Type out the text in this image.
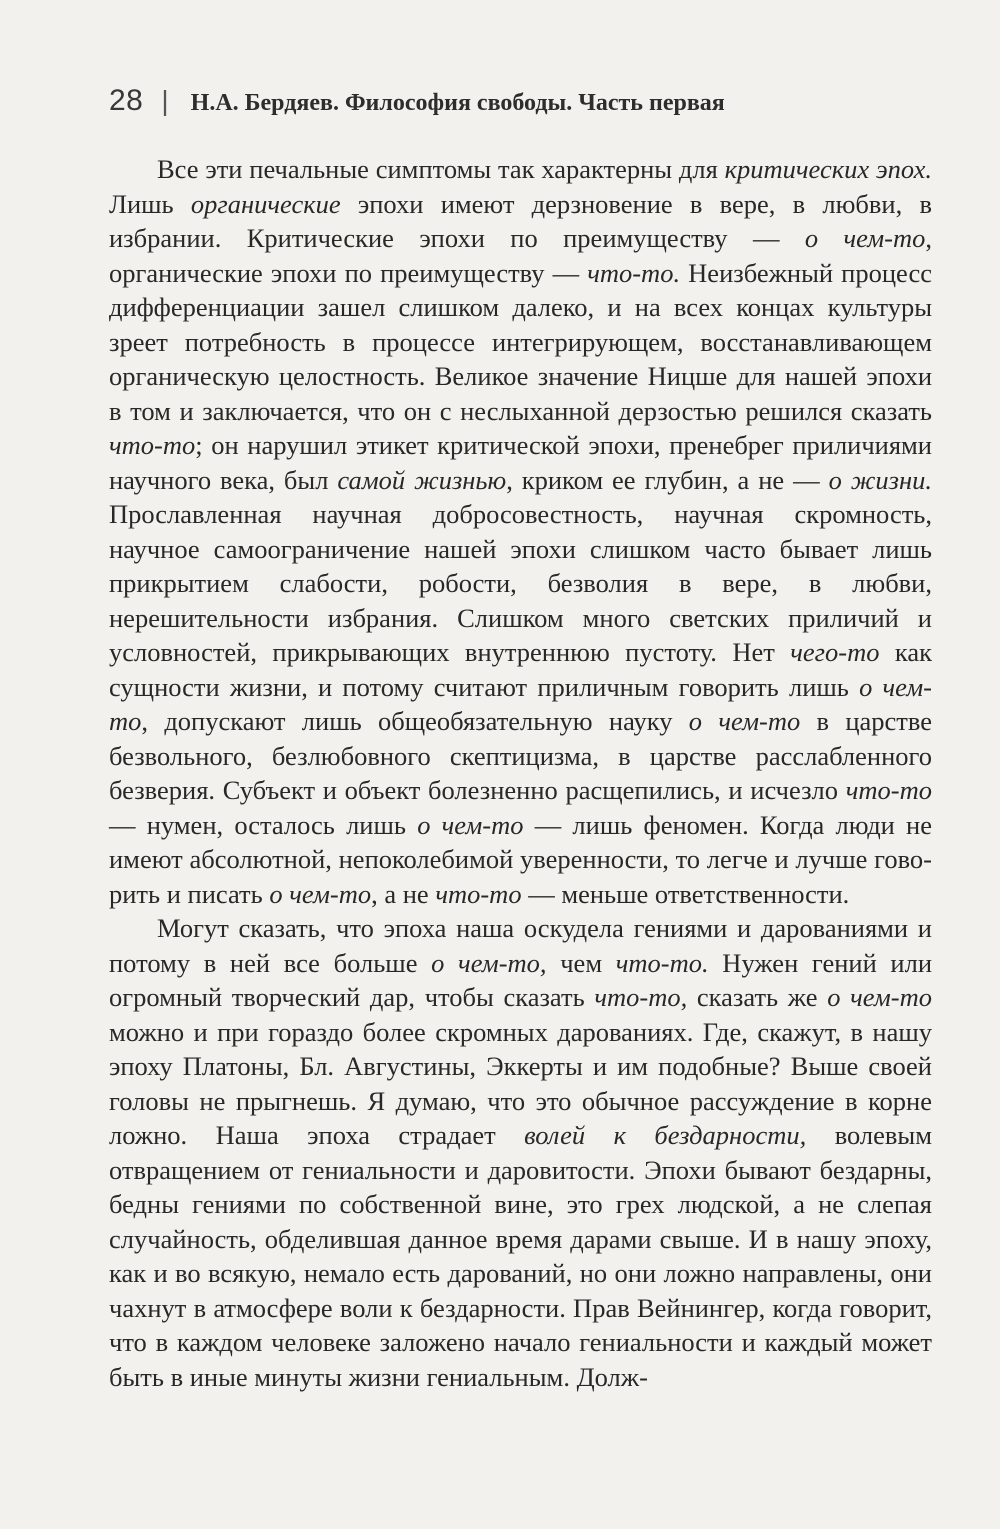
28 | Н.А. Бердяев. Философия свободы. Часть первая

Все эти печальные симптомы так характерны для критических эпох. Лишь органические эпохи имеют дерзновение в вере, в любви, в избрании. Критические эпохи по преимуществу — о чем-то, органические эпохи по преимуществу — что-то. Неизбежный процесс дифференциации зашел слишком далеко, и на всех концах культуры зреет потребность в процессе интегрирующем, восстанавливающем органическую целостность. Великое значение Ницше для нашей эпохи в том и заключается, что он с неслыханной дерзостью решился сказать что-то; он нарушил этикет критической эпохи, пренебрег приличиями научного века, был самой жизнью, криком ее глубин, а не — о жизни. Прославленная научная добросовестность, научная скромность, научное самоограничение нашей эпохи слишком часто бывает лишь прикрытием слабости, робости, безволия в вере, в любви, нерешительности избрания. Слишком много светских приличий и условностей, прикрывающих внутреннюю пустоту. Нет чего-то как сущности жизни, и потому считают приличным говорить лишь о чем-то, допускают лишь общеобязательную науку о чем-то в царстве безвольного, безлюбовного скептицизма, в царстве расслабленного безверия. Субъект и объект болезненно расщепились, и исчезло что-то — нумен, осталось лишь о чем-то — лишь феномен. Когда люди не имеют абсолютной, непоколебимой уверенности, то легче и лучше говорить и писать о чем-то, а не что-то — меньше ответственности.

Могут сказать, что эпоха наша оскудела гениями и дарованиями и потому в ней все больше о чем-то, чем что-то. Нужен гений или огромный творческий дар, чтобы сказать что-то, сказать же о чем-то можно и при гораздо более скромных дарованиях. Где, скажут, в нашу эпоху Платоны, Бл. Августины, Эккерты и им подобные? Выше своей головы не прыгнешь. Я думаю, что это обычное рассуждение в корне ложно. Наша эпоха страдает волей к бездарности, волевым отвращением от гениальности и даровитости. Эпохи бывают бездарны, бедны гениями по собственной вине, это грех людской, а не слепая случайность, обделившая данное время дарами свыше. И в нашу эпоху, как и во всякую, немало есть дарований, но они ложно направлены, они чахнут в атмосфере воли к бездарности. Прав Вейнингер, когда говорит, что в каждом человеке заложено начало гениальности и каждый может быть в иные минуты жизни гениальным. Долж-
